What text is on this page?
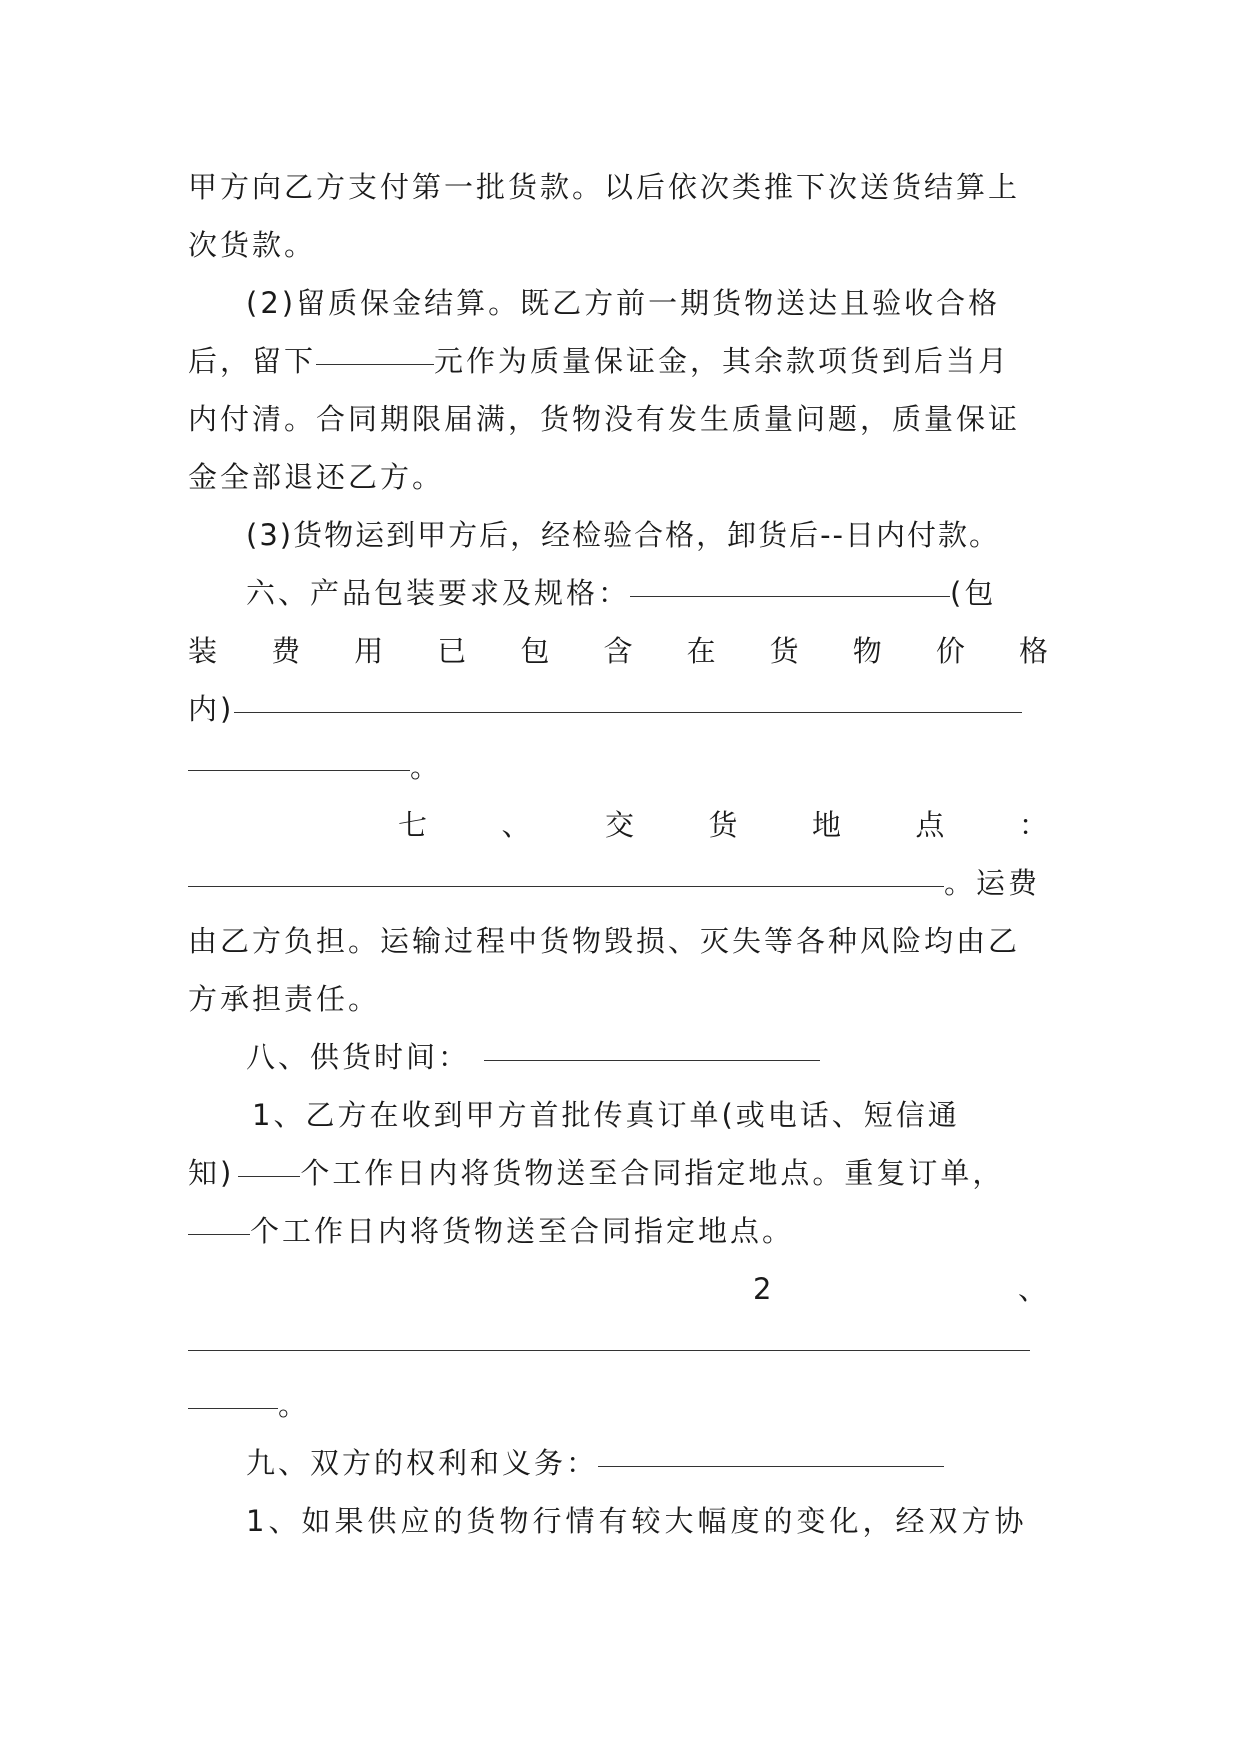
甲方向乙方支付第一批货款。以后依次类推下次送货结算上
次货款。
(2)留质保金结算。既乙方前一期货物送达且验收合格
后，留下	元作为质量保证金，其余款项货到后当月
内付清。合同期限届满，货物没有发生质量问题，质量保证
金全部退还乙方。
(3)货物运到甲方后，经检验合格，卸货后--日内付款。
六、产品包装要求及规格：	(包
装 费 用 已 包 含 在 货 物 价 格
内)
。
七	、	交	货	地	点	：
。运费
由乙方负担。运输过程中货物毁损、灭失等各种风险均由乙
方承担责任。
八、供货时间：
1、乙方在收到甲方首批传真订单(或电话、短信通
知) 个工作日内将货物送至合同指定地点。重复订单，
个工作日内将货物送至合同指定地点。
2	、
。
九、双方的权利和义务：
1、如果供应的货物行情有较大幅度的变化，经双方协
